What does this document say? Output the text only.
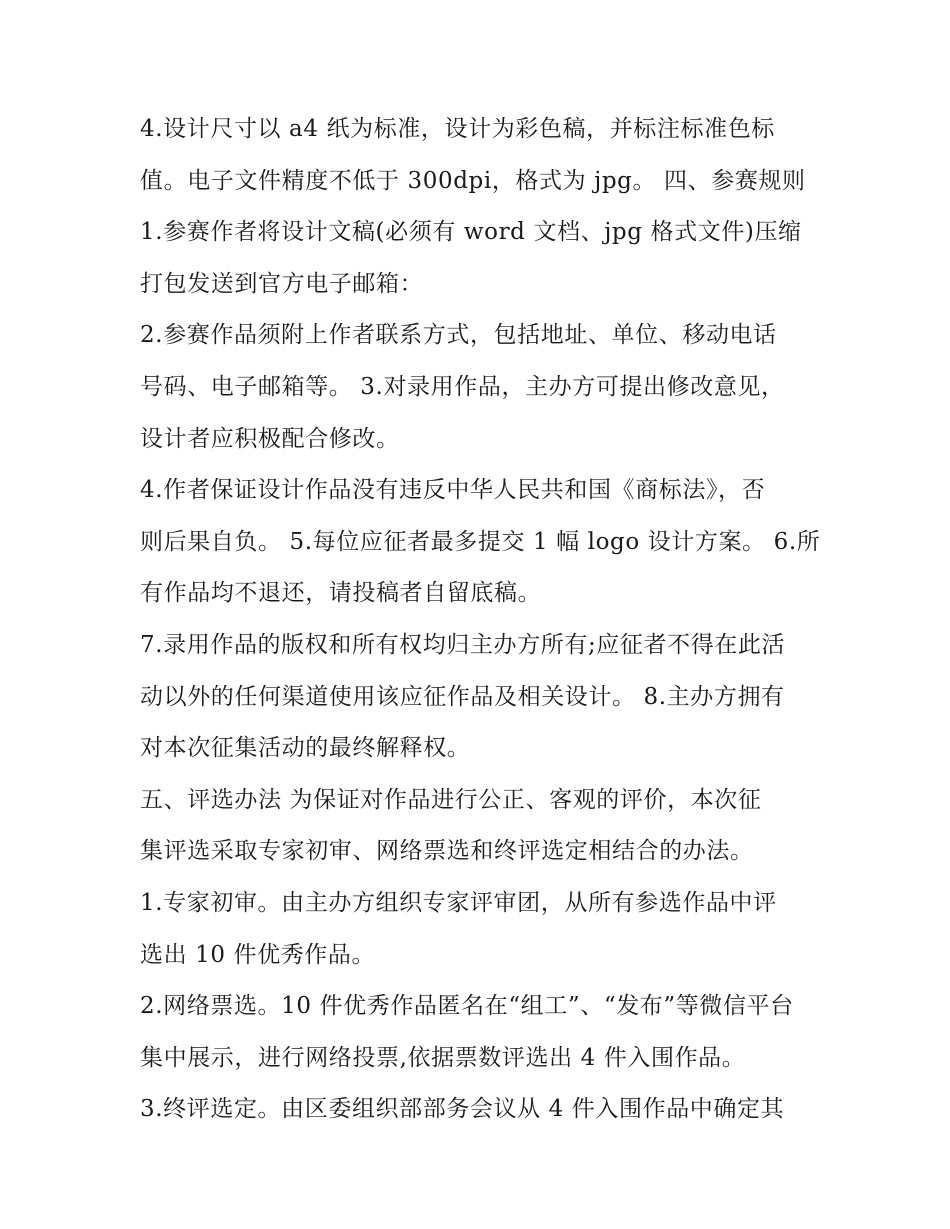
4.设计尺寸以 a4 纸为标准，设计为彩色稿，并标注标准色标
值。电子文件精度不低于 300dpi，格式为 jpg。 四、参赛规则
1.参赛作者将设计文稿(必须有 word 文档、jpg 格式文件)压缩
打包发送到官方电子邮箱：
2.参赛作品须附上作者联系方式，包括地址、单位、移动电话
号码、电子邮箱等。 3.对录用作品，主办方可提出修改意见，
设计者应积极配合修改。
4.作者保证设计作品没有违反中华人民共和国《商标法》，否
则后果自负。 5.每位应征者最多提交 1 幅 logo 设计方案。 6.所
有作品均不退还，请投稿者自留底稿。
7.录用作品的版权和所有权均归主办方所有;应征者不得在此活
动以外的任何渠道使用该应征作品及相关设计。 8.主办方拥有
对本次征集活动的最终解释权。
五、评选办法 为保证对作品进行公正、客观的评价，本次征
集评选采取专家初审、网络票选和终评选定相结合的办法。
1.专家初审。由主办方组织专家评审团，从所有参选作品中评
选出 10 件优秀作品。
2.网络票选。10 件优秀作品匿名在“组工”、“发布”等微信平台
集中展示，进行网络投票,依据票数评选出 4 件入围作品。
3.终评选定。由区委组织部部务会议从 4 件入围作品中确定其
